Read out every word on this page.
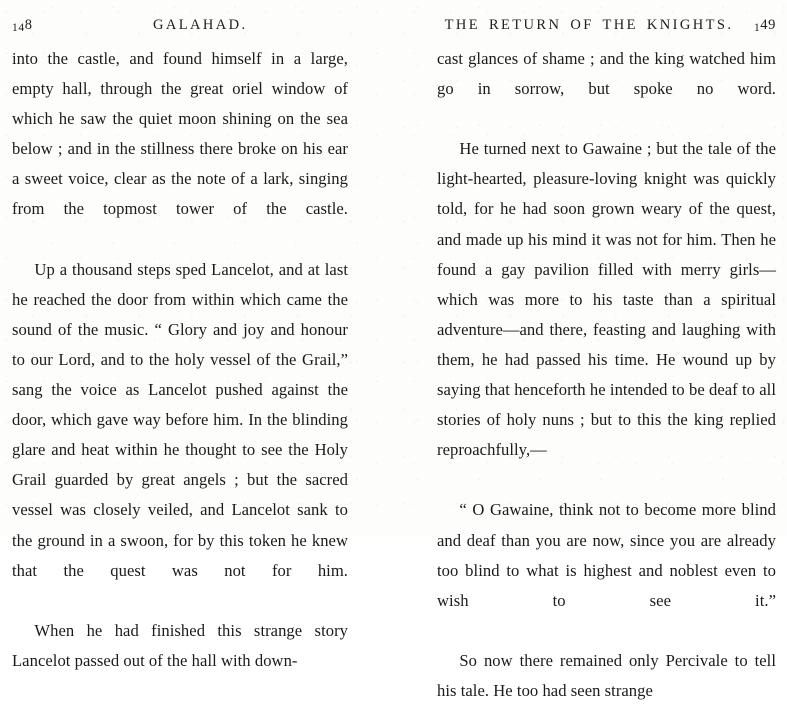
148	GALAHAD.

into the castle, and found himself in a large, empty hall, through the great oriel window of which he saw the quiet moon shining on the sea below ; and in the stillness there broke on his ear a sweet voice, clear as the note of a lark, singing from the topmost tower of the castle.

Up a thousand steps sped Lancelot, and at last he reached the door from within which came the sound of the music. “ Glory and joy and honour to our Lord, and to the holy vessel of the Grail,” sang the voice as Lancelot pushed against the door, which gave way before him. In the blinding glare and heat within he thought to see the Holy Grail guarded by great angels ; but the sacred vessel was closely veiled, and Lancelot sank to the ground in a swoon, for by this token he knew that the quest was not for him.

When he had finished this strange story Lancelot passed out of the hall with down-

149
THE RETURN OF THE KNIGHTS.

cast glances of shame ; and the king watched him go in sorrow, but spoke no word.

He turned next to Gawaine ; but the tale of the light-hearted, pleasure-loving knight was quickly told, for he had soon grown weary of the quest, and made up his mind it was not for him. Then he found a gay pavilion filled with merry girls—which was more to his taste than a spiritual adventure—and there, feasting and laughing with them, he had passed his time. He wound up by saying that henceforth he intended to be deaf to all stories of holy nuns ; but to this the king replied reproachfully,—

“ O Gawaine, think not to become more blind and deaf than you are now, since you are already too blind to what is highest and noblest even to wish to see it.”

So now there remained only Percivale to tell his tale. He too had seen strange
